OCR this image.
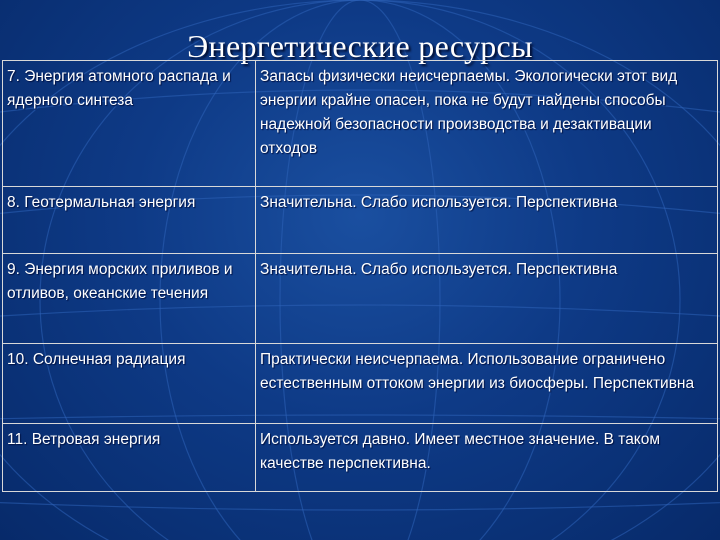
Энергетические ресурсы
7. Энергия атомного распада и ядерного синтеза	Запасы физически неисчерпаемы. Экологически этот вид энергии крайне опасен, пока не будут найдены способы надежной безопасности производства и дезактивации отходов
8. Геотермальная энергия	Значительна. Слабо используется. Перспективна
9. Энергия морских приливов и отливов, океанские течения	Значительна. Слабо используется. Перспективна
10. Солнечная радиация	Практически неисчерпаема. Использование ограничено естественным оттоком энергии из биосферы. Перспективна
11. Ветровая энергия	Используется давно. Имеет местное значение. В таком качестве перспективна.
